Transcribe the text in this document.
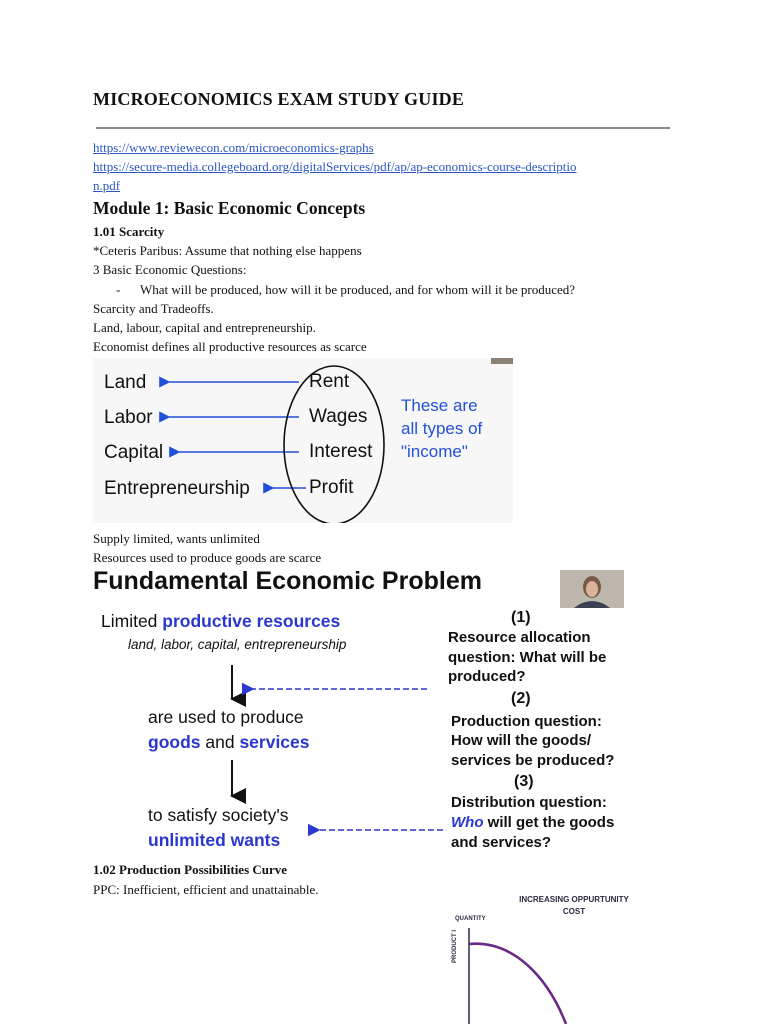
MICROECONOMICS EXAM STUDY GUIDE
https://www.reviewecon.com/microeconomics-graphs
https://secure-media.collegeboard.org/digitalServices/pdf/ap/ap-economics-course-descriptio
n.pdf
Module 1: Basic Economic Concepts
1.01 Scarcity
*Ceteris Paribus: Assume that nothing else happens
3 Basic Economic Questions:
- What will be produced, how will it be produced, and for whom will it be produced?
Scarcity and Tradeoffs.
Land, labour, capital and entrepreneurship.
Economist defines all productive resources as scarce
Land
Labor
Capital
Entrepreneurship
Rent
Wages
Interest
Profit
These are
all types of
"income"
Supply limited, wants unlimited
Resources used to produce goods are scarce
Fundamental Economic Problem
Limited productive resources
land, labor, capital, entrepreneurship
are used to produce
goods and services
to satisfy society's
unlimited wants
(1)
Resource allocation
question: What will be
produced?
(2)
Production question:
How will the goods/
services be produced?
(3)
Distribution question:
Who will get the goods
and services?
1.02 Production Possibilities Curve
PPC: Inefficient, efficient and unattainable.
INCREASING OPPURTUNITY COST
QUANTITY
PRODUCT I
